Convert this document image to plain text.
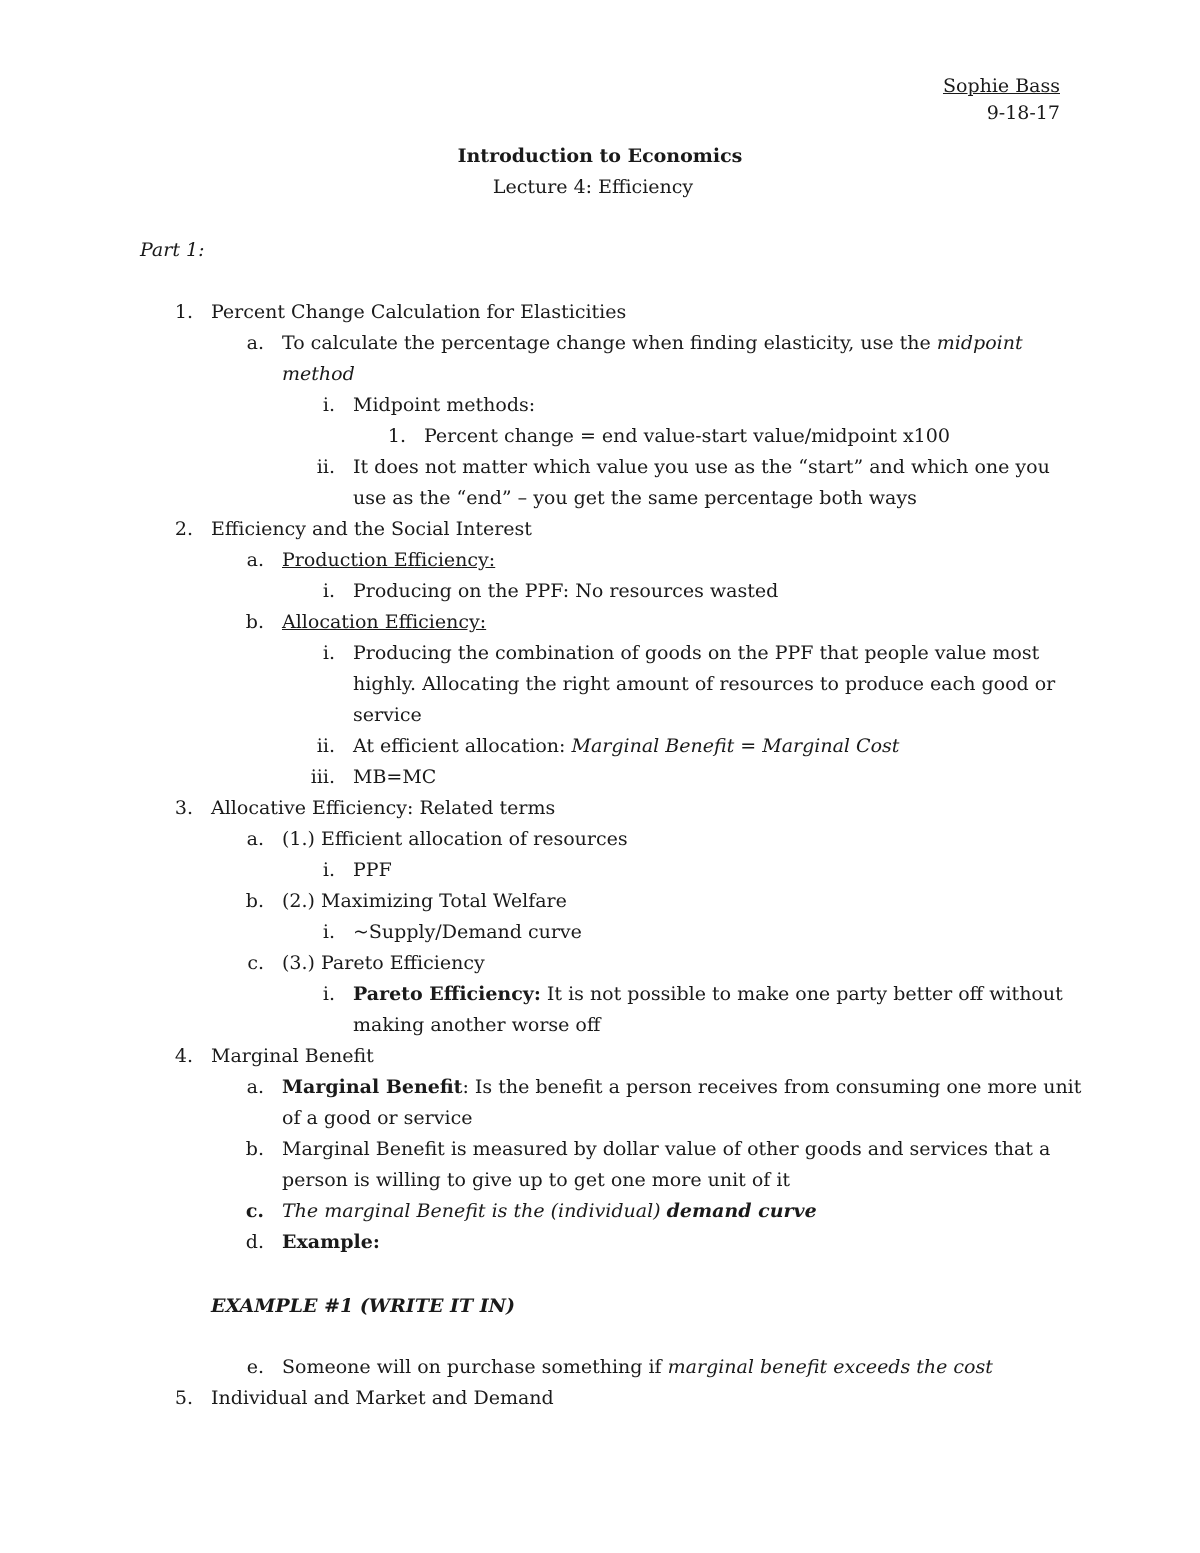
Sophie Bass
9-18-17
Introduction to Economics
Lecture 4: Efficiency
Part 1:
1. Percent Change Calculation for Elasticities
a. To calculate the percentage change when finding elasticity, use the midpoint
method
i. Midpoint methods:
1. Percent change = end value-start value/midpoint x100
ii. It does not matter which value you use as the “start” and which one you
use as the “end” – you get the same percentage both ways
2. Efficiency and the Social Interest
a. Production Efficiency:
i. Producing on the PPF: No resources wasted
b. Allocation Efficiency:
i. Producing the combination of goods on the PPF that people value most
highly. Allocating the right amount of resources to produce each good or
service
ii. At efficient allocation: Marginal Benefit = Marginal Cost
iii. MB=MC
3. Allocative Efficiency: Related terms
a. (1.) Efficient allocation of resources
i. PPF
b. (2.) Maximizing Total Welfare
i. ~Supply/Demand curve
c. (3.) Pareto Efficiency
i. Pareto Efficiency: It is not possible to make one party better off without
making another worse off
4. Marginal Benefit
a. Marginal Benefit: Is the benefit a person receives from consuming one more unit
of a good or service
b. Marginal Benefit is measured by dollar value of other goods and services that a
person is willing to give up to get one more unit of it
c. The marginal Benefit is the (individual) demand curve
d. Example:
EXAMPLE #1 (WRITE IT IN)
e. Someone will on purchase something if marginal benefit exceeds the cost
5. Individual and Market and Demand
